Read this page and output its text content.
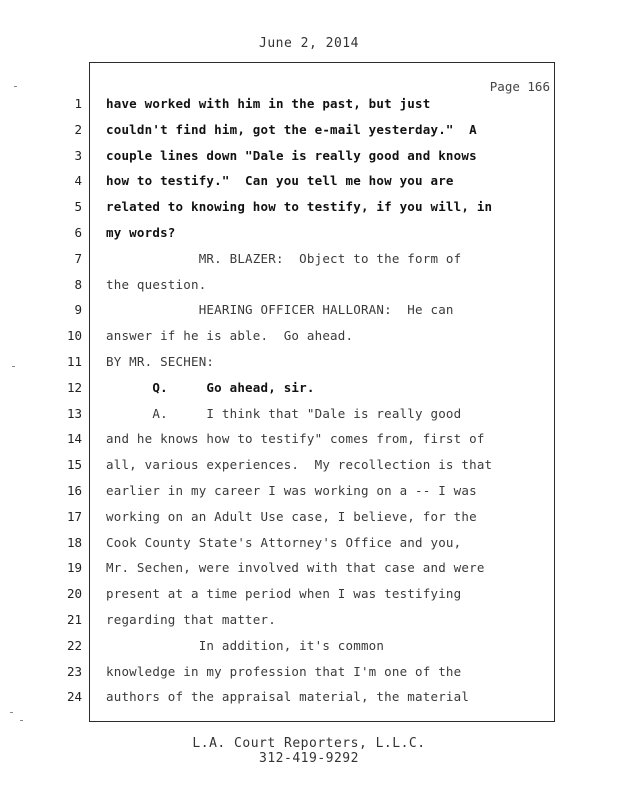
June 2, 2014
Page 166
1
2
3
4
5
6
7
8
9
10
11
12
13
14
15
16
17
18
19
20
21
22
23
24
have worked with him in the past, but just
couldn't find him, got the e-mail yesterday."  A
couple lines down "Dale is really good and knows
how to testify."  Can you tell me how you are
related to knowing how to testify, if you will, in
my words?
MR. BLAZER:  Object to the form of
the question.
HEARING OFFICER HALLORAN:  He can
answer if he is able.  Go ahead.
BY MR. SECHEN:
Q.     Go ahead, sir.
A.     I think that "Dale is really good
and he knows how to testify" comes from, first of
all, various experiences.  My recollection is that
earlier in my career I was working on a -- I was
working on an Adult Use case, I believe, for the
Cook County State's Attorney's Office and you,
Mr. Sechen, were involved with that case and were
present at a time period when I was testifying
regarding that matter.
In addition, it's common
knowledge in my profession that I'm one of the
authors of the appraisal material, the material
L.A. Court Reporters, L.L.C.
312-419-9292
